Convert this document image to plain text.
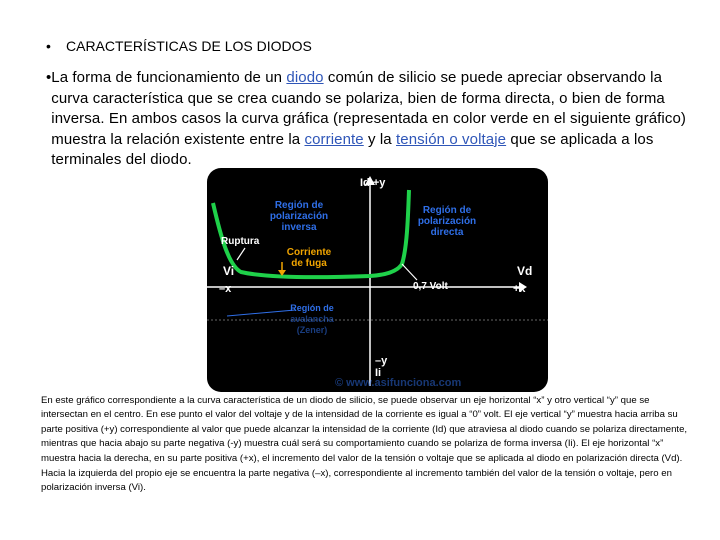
•	CARACTERÍSTICAS DE LOS DIODOS
• La forma de funcionamiento de un diodo común de silicio se puede apreciar observando la curva característica que se crea cuando se polariza, bien de forma directa, o bien de forma inversa. En ambos casos la curva gráfica (representada en color verde en el siguiente gráfico) muestra la relación existente entre la corriente y la tensión o voltaje que se aplicada a los terminales del diodo.
Id +y
Región de
polarización
directa
Región de
polarización
inversa
Ruptura
Corriente
de fuga
Vi	Vd
–x	+x
0,7 Volt
Región de
avalancha
(Zener)
–y
Ii
© www.asifunciona.com

En este gráfico correspondiente a la curva característica de un diodo de silicio, se puede observar un eje horizontal “x” y otro vertical “y” que se intersectan en el centro. En ese punto el valor del voltaje y de la intensidad de la corriente es igual a “0” volt. El eje vertical “y” muestra hacia arriba su parte positiva (+y) correspondiente al valor que puede alcanzar la intensidad de la corriente (Id) que atraviesa al diodo cuando se polariza directamente, mientras que hacia abajo su parte negativa (-y) muestra cuál será su comportamiento cuando se polariza de forma inversa (Ii). El eje horizontal “x” muestra hacia la derecha, en su parte positiva (+x), el incremento del valor de la tensión o voltaje que se aplicada al diodo en polarización directa (Vd). Hacia la izquierda del propio eje se encuentra la parte negativa (–x), correspondiente al incremento también del valor de la tensión o voltaje, pero en polarización inversa (Vi).
